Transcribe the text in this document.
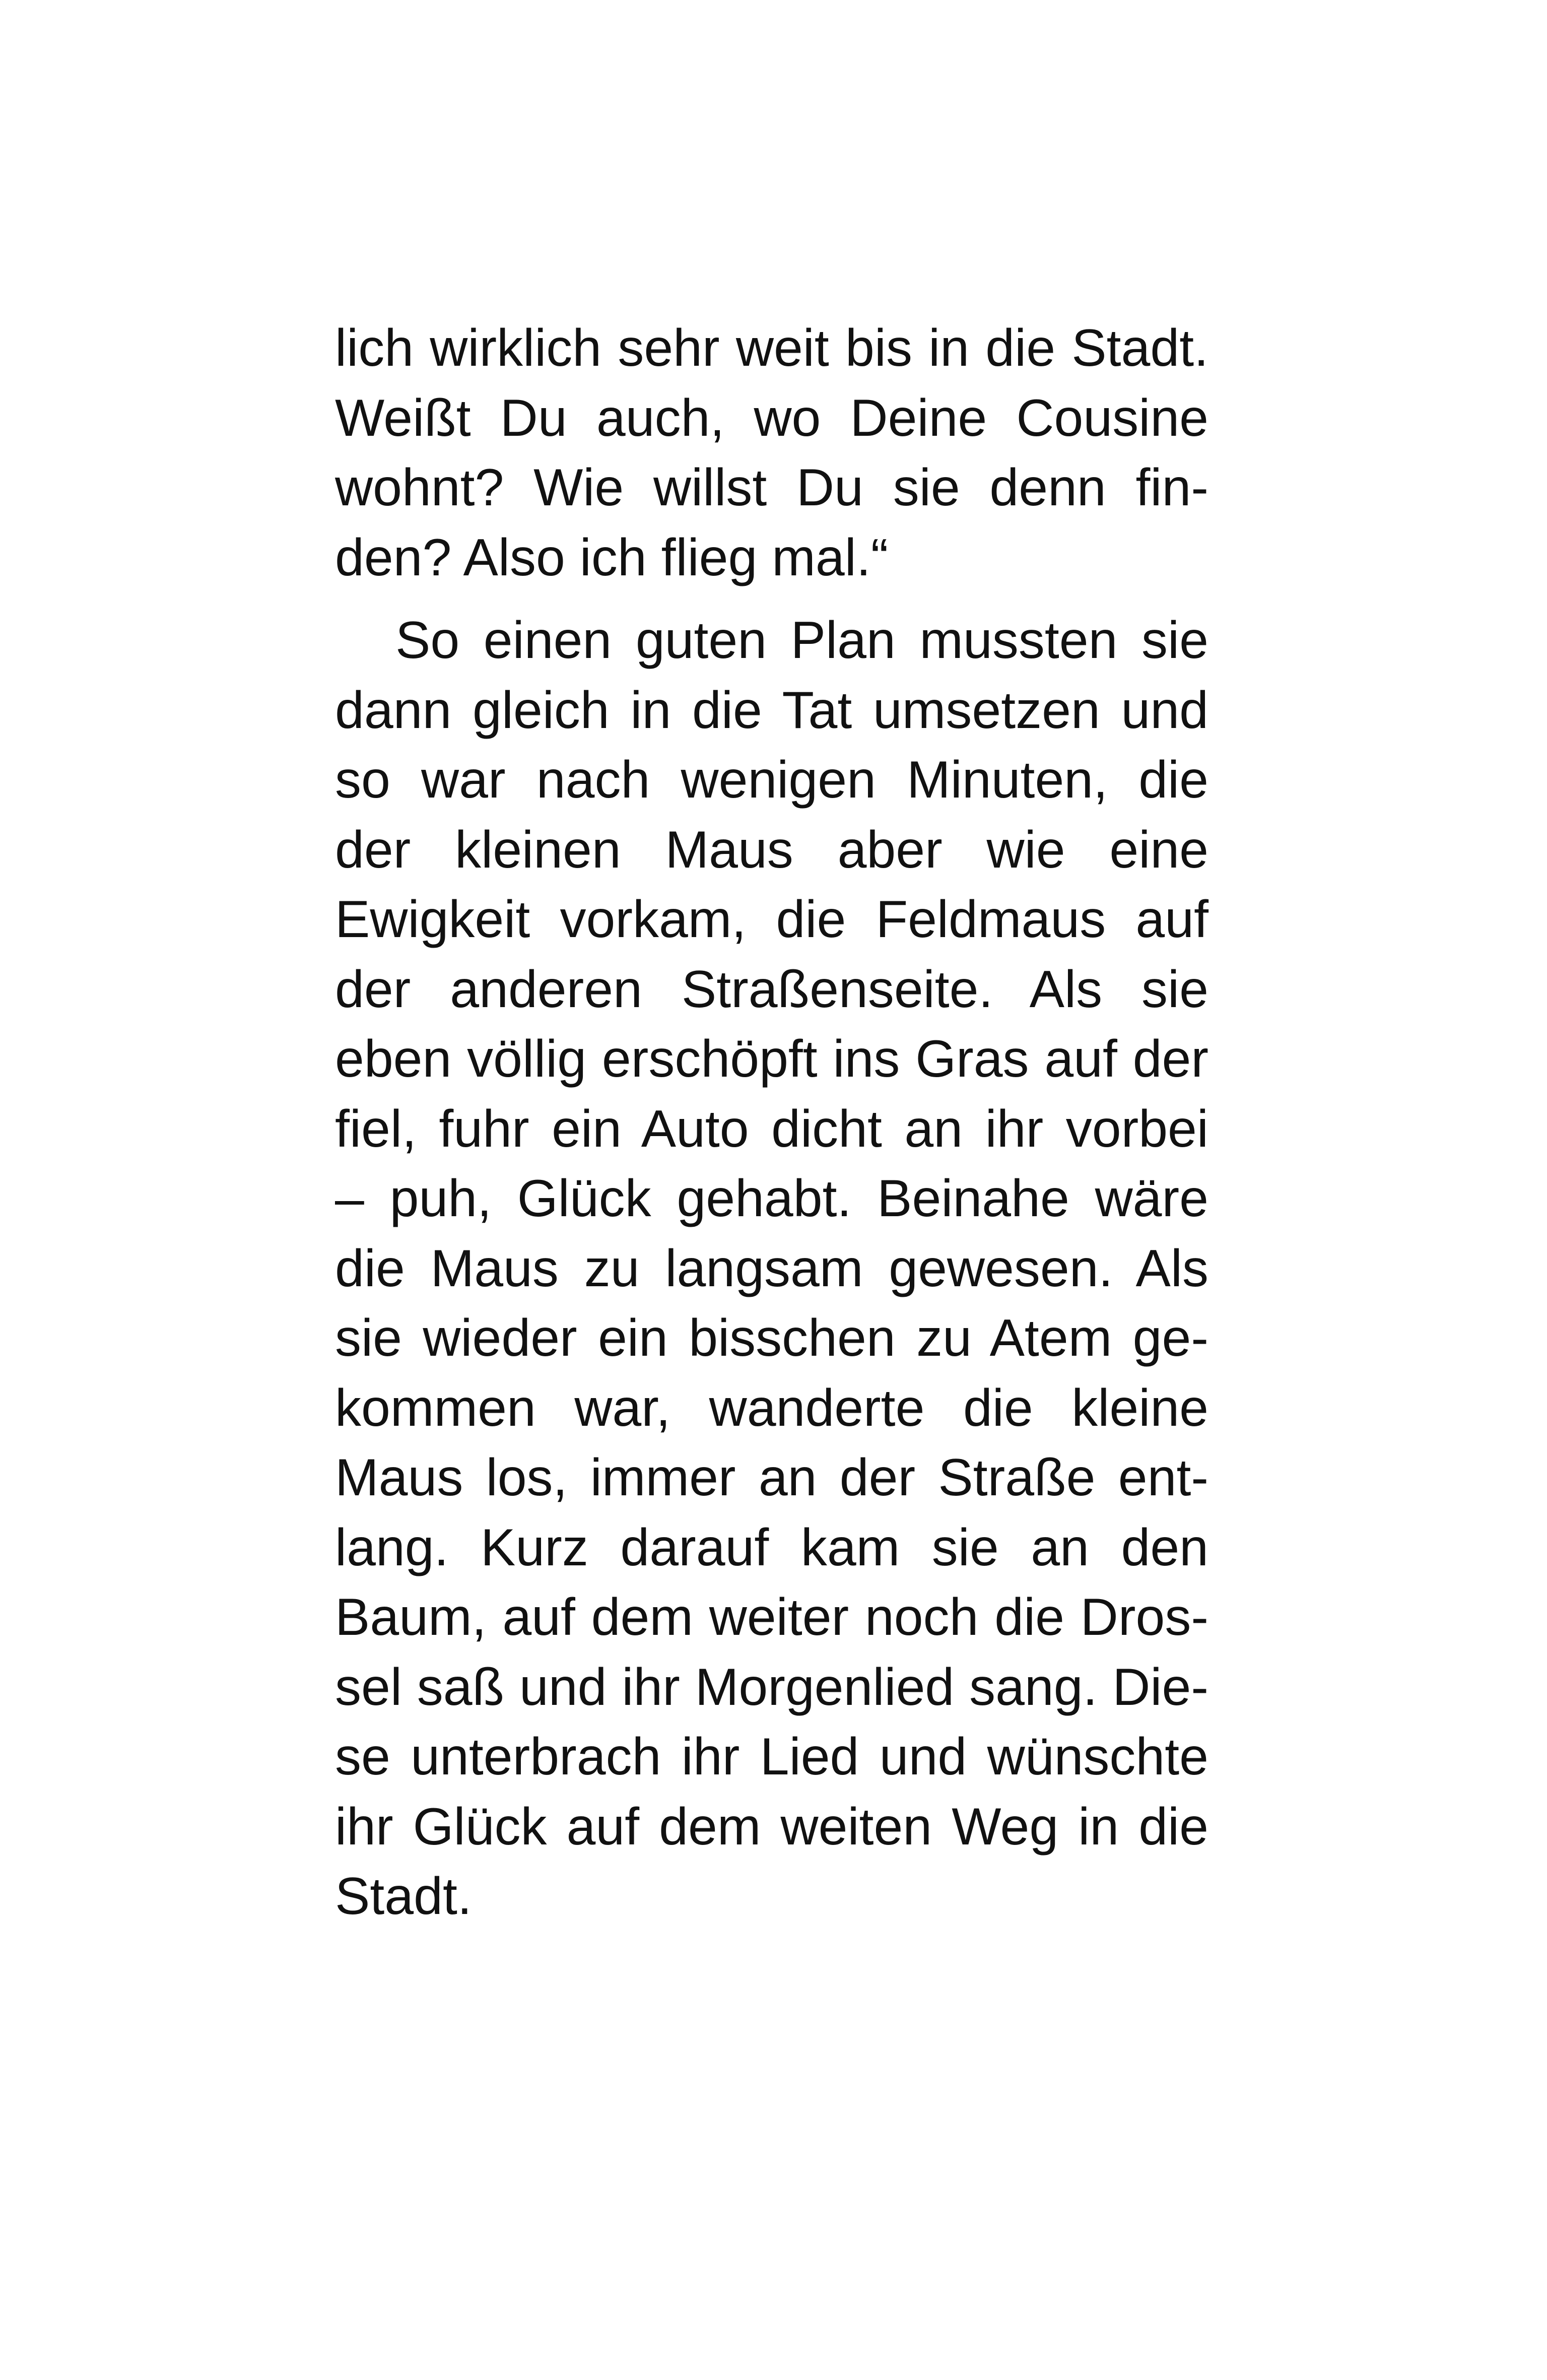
lich wirklich sehr weit bis in die Stadt.
Weißt Du auch, wo Deine Cousine
wohnt? Wie willst Du sie denn fin-
den? Also ich flieg mal.“
So einen guten Plan mussten sie
dann gleich in die Tat umsetzen und
so war nach wenigen Minuten, die
der kleinen Maus aber wie eine
Ewigkeit vorkam, die Feldmaus auf
der anderen Straßenseite. Als sie
eben völlig erschöpft ins Gras auf der
fiel, fuhr ein Auto dicht an ihr vorbei
– puh, Glück gehabt. Beinahe wäre
die Maus zu langsam gewesen. Als
sie wieder ein bisschen zu Atem ge-
kommen war, wanderte die kleine
Maus los, immer an der Straße ent-
lang. Kurz darauf kam sie an den
Baum, auf dem weiter noch die Dros-
sel saß und ihr Morgenlied sang. Die-
se unterbrach ihr Lied und wünschte
ihr Glück auf dem weiten Weg in die
Stadt.
